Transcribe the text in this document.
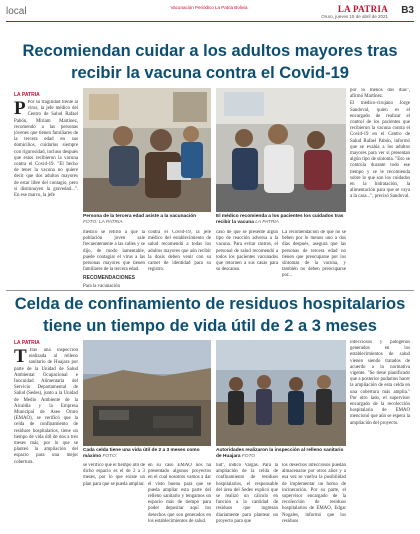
local	Vacunación Periódico La Patria Bolivia	LA PATRIA
Oruro, jueves 15 de abril de 2021
B3
Recomiendan cuidar a los adultos mayores tras recibir la vacuna contra el Covid-19
LA PATRIA
P Por su fragilidad frente al virus, la jefe médico del Centro de Salud Rafael Pabón, Miriam Martínez, recomendó a las personas jóvenes que tienen familiares de la tercera edad en sus domicilios, cuidarlos siempre con rigurosidad, incluso después que estos recibieron la vacuna contra el Covid-19. "El hecho de tener la vacuna no quiere decir que dos adultos mayores de estar libre del contagio, pero si disminuyen la gravedad...". En ese marco, la jefe
Persona de la tercera edad asiste a la vacunación FOTO: LA PATRIA

médico se refirió a que la población joven sale frecuentemente a las calles y se dijo, de modo lamentable, puede contagiar el virus a las personas mayores que tienen familiares de la tercera edad.

RECOMENDACIONES

Para la vacunación

contra el Covid-19, la jefe médico del establecimiento de salud recomendó a todas los adultos mayores que aún recibir la dosis deben venir con su carnet de identidad para su registro.

El médico recomienda a los pacientes los cuidados tras recibir la vacuna LA PATRIA

caso de que se presente algún tipo de reacción adversa a la vacuna. Para evitar rastros, el personal de salud recomendó a todos los pacientes vacunados que retornen a sus casas para su descanso.

La recomendación de que no se beben por lo menos uno a dos días después, asegura que las personas de tercera edad no tienen que preocuparse por los síntomas de la vacuna, y también no deben preocuparse por...

por lo menos dos días", afirmó Martínez.

El médico-cirujano Jorge Sandoval, quien es el encargado de realizar el control de los pacientes que recibieron la vacuna contra el Covid-19 en el Centro de Salud Rafael Pabón, informó que se evalúa a los adultos mayores para ver si presentan algún tipo de síntoma. "Eso se controla durante todo ese tiempo y se le recomienda sobre lo que son los cuidados en la hidratación, la alimentación para que se vaya a la casa...", precisó Sandoval.

Celda de confinamiento de residuos hospitalarios tiene un tiempo de vida útil de 2 a 3 meses
LA PATRIA
T Tras una inspección realizada al relleno sanitario de Huajara por parte de la Unidad de Salud Ambiental Ocupacional e Inocuidad Alimentaria del Servicio Departamental de Salud (Sedes), junto a la Unidad de Medio Ambiente de la Alcaldía y la Empresa Municipal de Aseo Oruro (EMAO), se verificó que la celda de confinamiento de residuos hospitalarios, tiene un tiempo de vida útil de dos a tres meses más, por lo que se planteó la ampliación del espacio para una mejor cobertura.
Cada celda tiene una vida útil de 2 a 3 meses como máximo FOTO:

se verificó que el tiempo útil de dicho espacio es el de 2 a 3 meses, por lo que existe un plan para que se pueda ampliar.

en su caso EMAO nos ha presentado algunos proyectos en el cual nosotros vamos a dar el visto bueno para que se pueda ampliar esta parte del relleno sanitario y tengamos un espacio más de tiempo para poder depositar aquí los desechos que son generados en los establecimientos de salud.

Autoridades realizaron la inspección al relleno sanitario de Huajara FOTO

lud", indicó Vargas. Para la ampliación de la celda de confinamiento de residuos hospitalarios, el responsable del área del Sedes explicó que se realizó un cálculo en función a la cantidad de residuos que ingresan diariamente para plantear un proyecto para que

los desechos infecciosos puedan almacenarse por otros años y a esa vez se vuelva la posibilidad de implementar un horno de incineración. Por su parte, el supervisor encargado de la recolección de residuos hospitalarios de EMAO, Edgar Nogales, informó que los residuos

infecciosos y patógenos generados en los establecimientos de salud vienen siendo tratados de acuerdo a la normativa vigente. "Se tiene planificado que a posterior podamos hacer la ampliación de esta celda en una cobertura más amplia." Por otro lado, el supervisor encargado de la recolección hospitalaria de EMAO mencionó que aún se espera la ampliación del proyecto.
